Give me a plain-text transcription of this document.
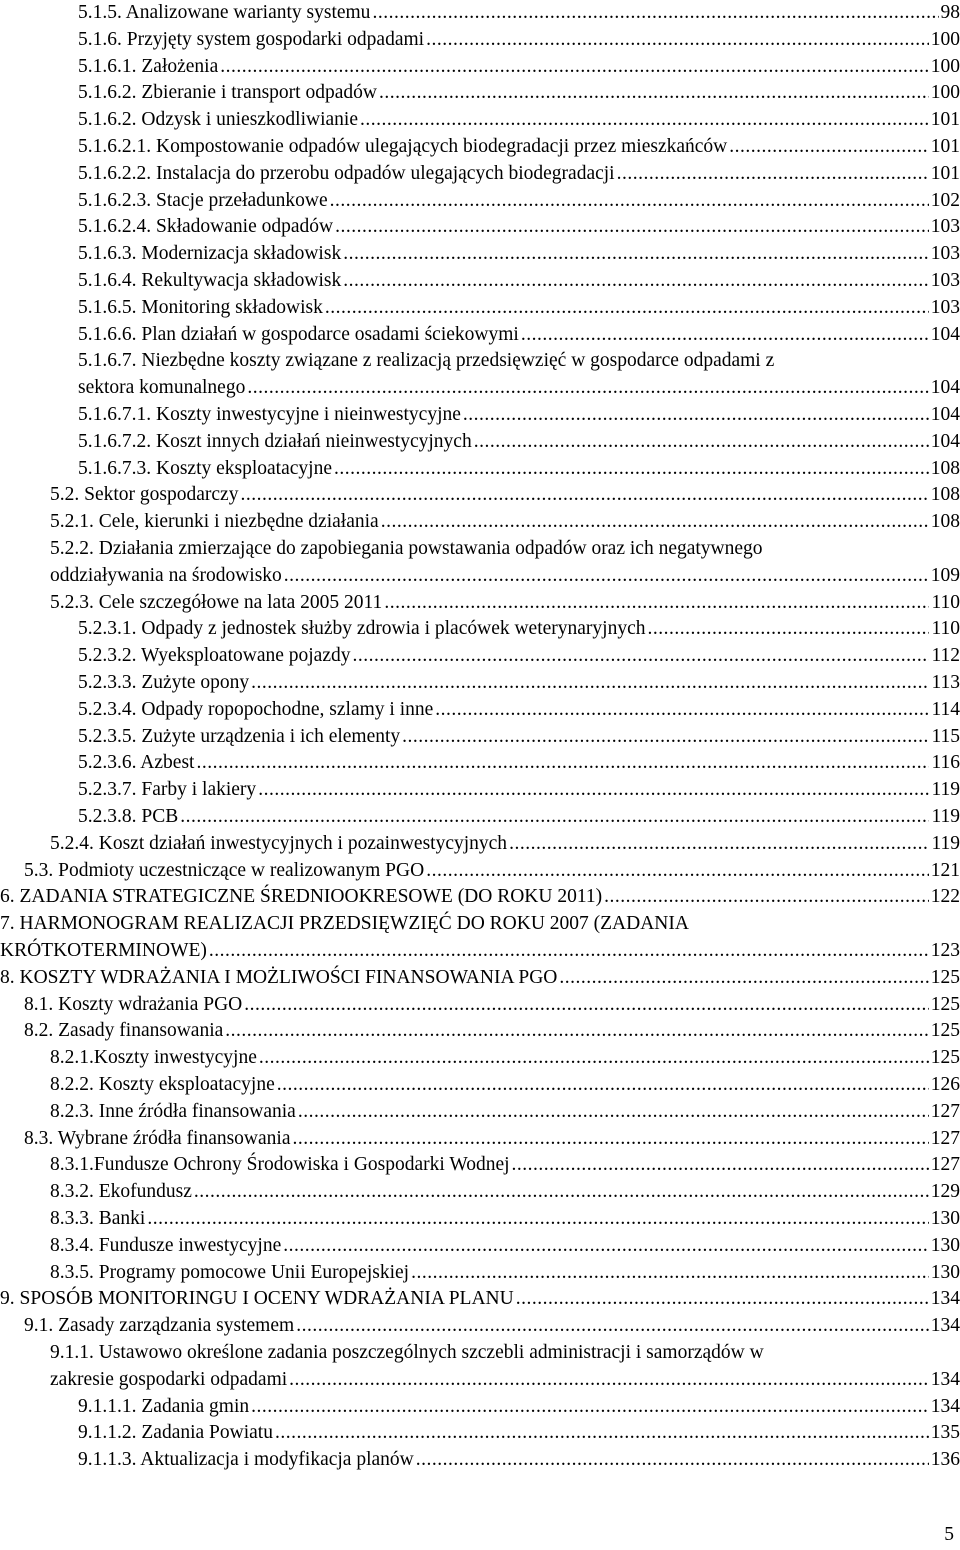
5.1.5. Analizowane warianty systemu .....	98
5.1.6. Przyjęty system gospodarki odpadami .....	100
5.1.6.1. Założenia .....	100
5.1.6.2. Zbieranie i transport odpadów .....	100
5.1.6.2. Odzysk i unieszkodliwianie .....	101
5.1.6.2.1. Kompostowanie odpadów ulegających biodegradacji przez mieszkańców .....	101
5.1.6.2.2. Instalacja do przerobu odpadów ulegających biodegradacji .....	101
5.1.6.2.3. Stacje przeładunkowe .....	102
5.1.6.2.4. Składowanie odpadów .....	103
5.1.6.3. Modernizacja składowisk .....	103
5.1.6.4. Rekultywacja składowisk .....	103
5.1.6.5. Monitoring składowisk .....	103
5.1.6.6. Plan działań w gospodarce osadami ściekowymi .....	104
5.1.6.7. Niezbędne koszty związane z realizacją przedsięwzięć w gospodarce odpadami z
sektora komunalnego .....	104
5.1.6.7.1. Koszty inwestycyjne i nieinwestycyjne .....	104
5.1.6.7.2. Koszt innych działań nieinwestycyjnych .....	104
5.1.6.7.3. Koszty eksploatacyjne .....	108
5.2. Sektor gospodarczy .....	108
5.2.1. Cele, kierunki i niezbędne działania .....	108
5.2.2. Działania zmierzające do zapobiegania powstawania odpadów oraz ich negatywnego
oddziaływania na środowisko .....	109
5.2.3. Cele szczegółowe na lata 2005 2011 .....	110
5.2.3.1. Odpady z jednostek służby zdrowia i placówek weterynaryjnych .....	110
5.2.3.2. Wyeksploatowane pojazdy .....	112
5.2.3.3. Zużyte opony .....	113
5.2.3.4. Odpady ropopochodne, szlamy i inne .....	114
5.2.3.5. Zużyte urządzenia i ich elementy .....	115
5.2.3.6. Azbest .....	116
5.2.3.7. Farby i lakiery .....	119
5.2.3.8. PCB .....	119
5.2.4. Koszt działań inwestycyjnych i pozainwestycyjnych .....	119
5.3. Podmioty uczestniczące w realizowanym PGO .....	121
6. ZADANIA STRATEGICZNE ŚREDNIOOKRESOWE (DO ROKU 2011) .....	122
7. HARMONOGRAM REALIZACJI PRZEDSIĘWZIĘĆ DO ROKU 2007 (ZADANIA
KRÓTKOTERMINOWE) .....	123
8. KOSZTY WDRAŻANIA I MOŻLIWOŚCI FINANSOWANIA PGO .....	125
8.1. Koszty wdrażania PGO .....	125
8.2. Zasady finansowania .....	125
8.2.1.Koszty inwestycyjne .....	125
8.2.2. Koszty eksploatacyjne .....	126
8.2.3. Inne źródła finansowania .....	127
8.3. Wybrane źródła finansowania .....	127
8.3.1.Fundusze Ochrony Środowiska i Gospodarki Wodnej .....	127
8.3.2. Ekofundusz .....	129
8.3.3. Banki .....	130
8.3.4. Fundusze inwestycyjne .....	130
8.3.5. Programy pomocowe Unii Europejskiej .....	130
9. SPOSÓB MONITORINGU I OCENY WDRAŻANIA PLANU .....	134
9.1. Zasady zarządzania systemem .....	134
9.1.1. Ustawowo określone zadania poszczególnych szczebli administracji i samorządów w
zakresie gospodarki odpadami .....	134
9.1.1.1. Zadania gmin .....	134
9.1.1.2. Zadania Powiatu .....	135
9.1.1.3. Aktualizacja i modyfikacja planów .....	136
5
